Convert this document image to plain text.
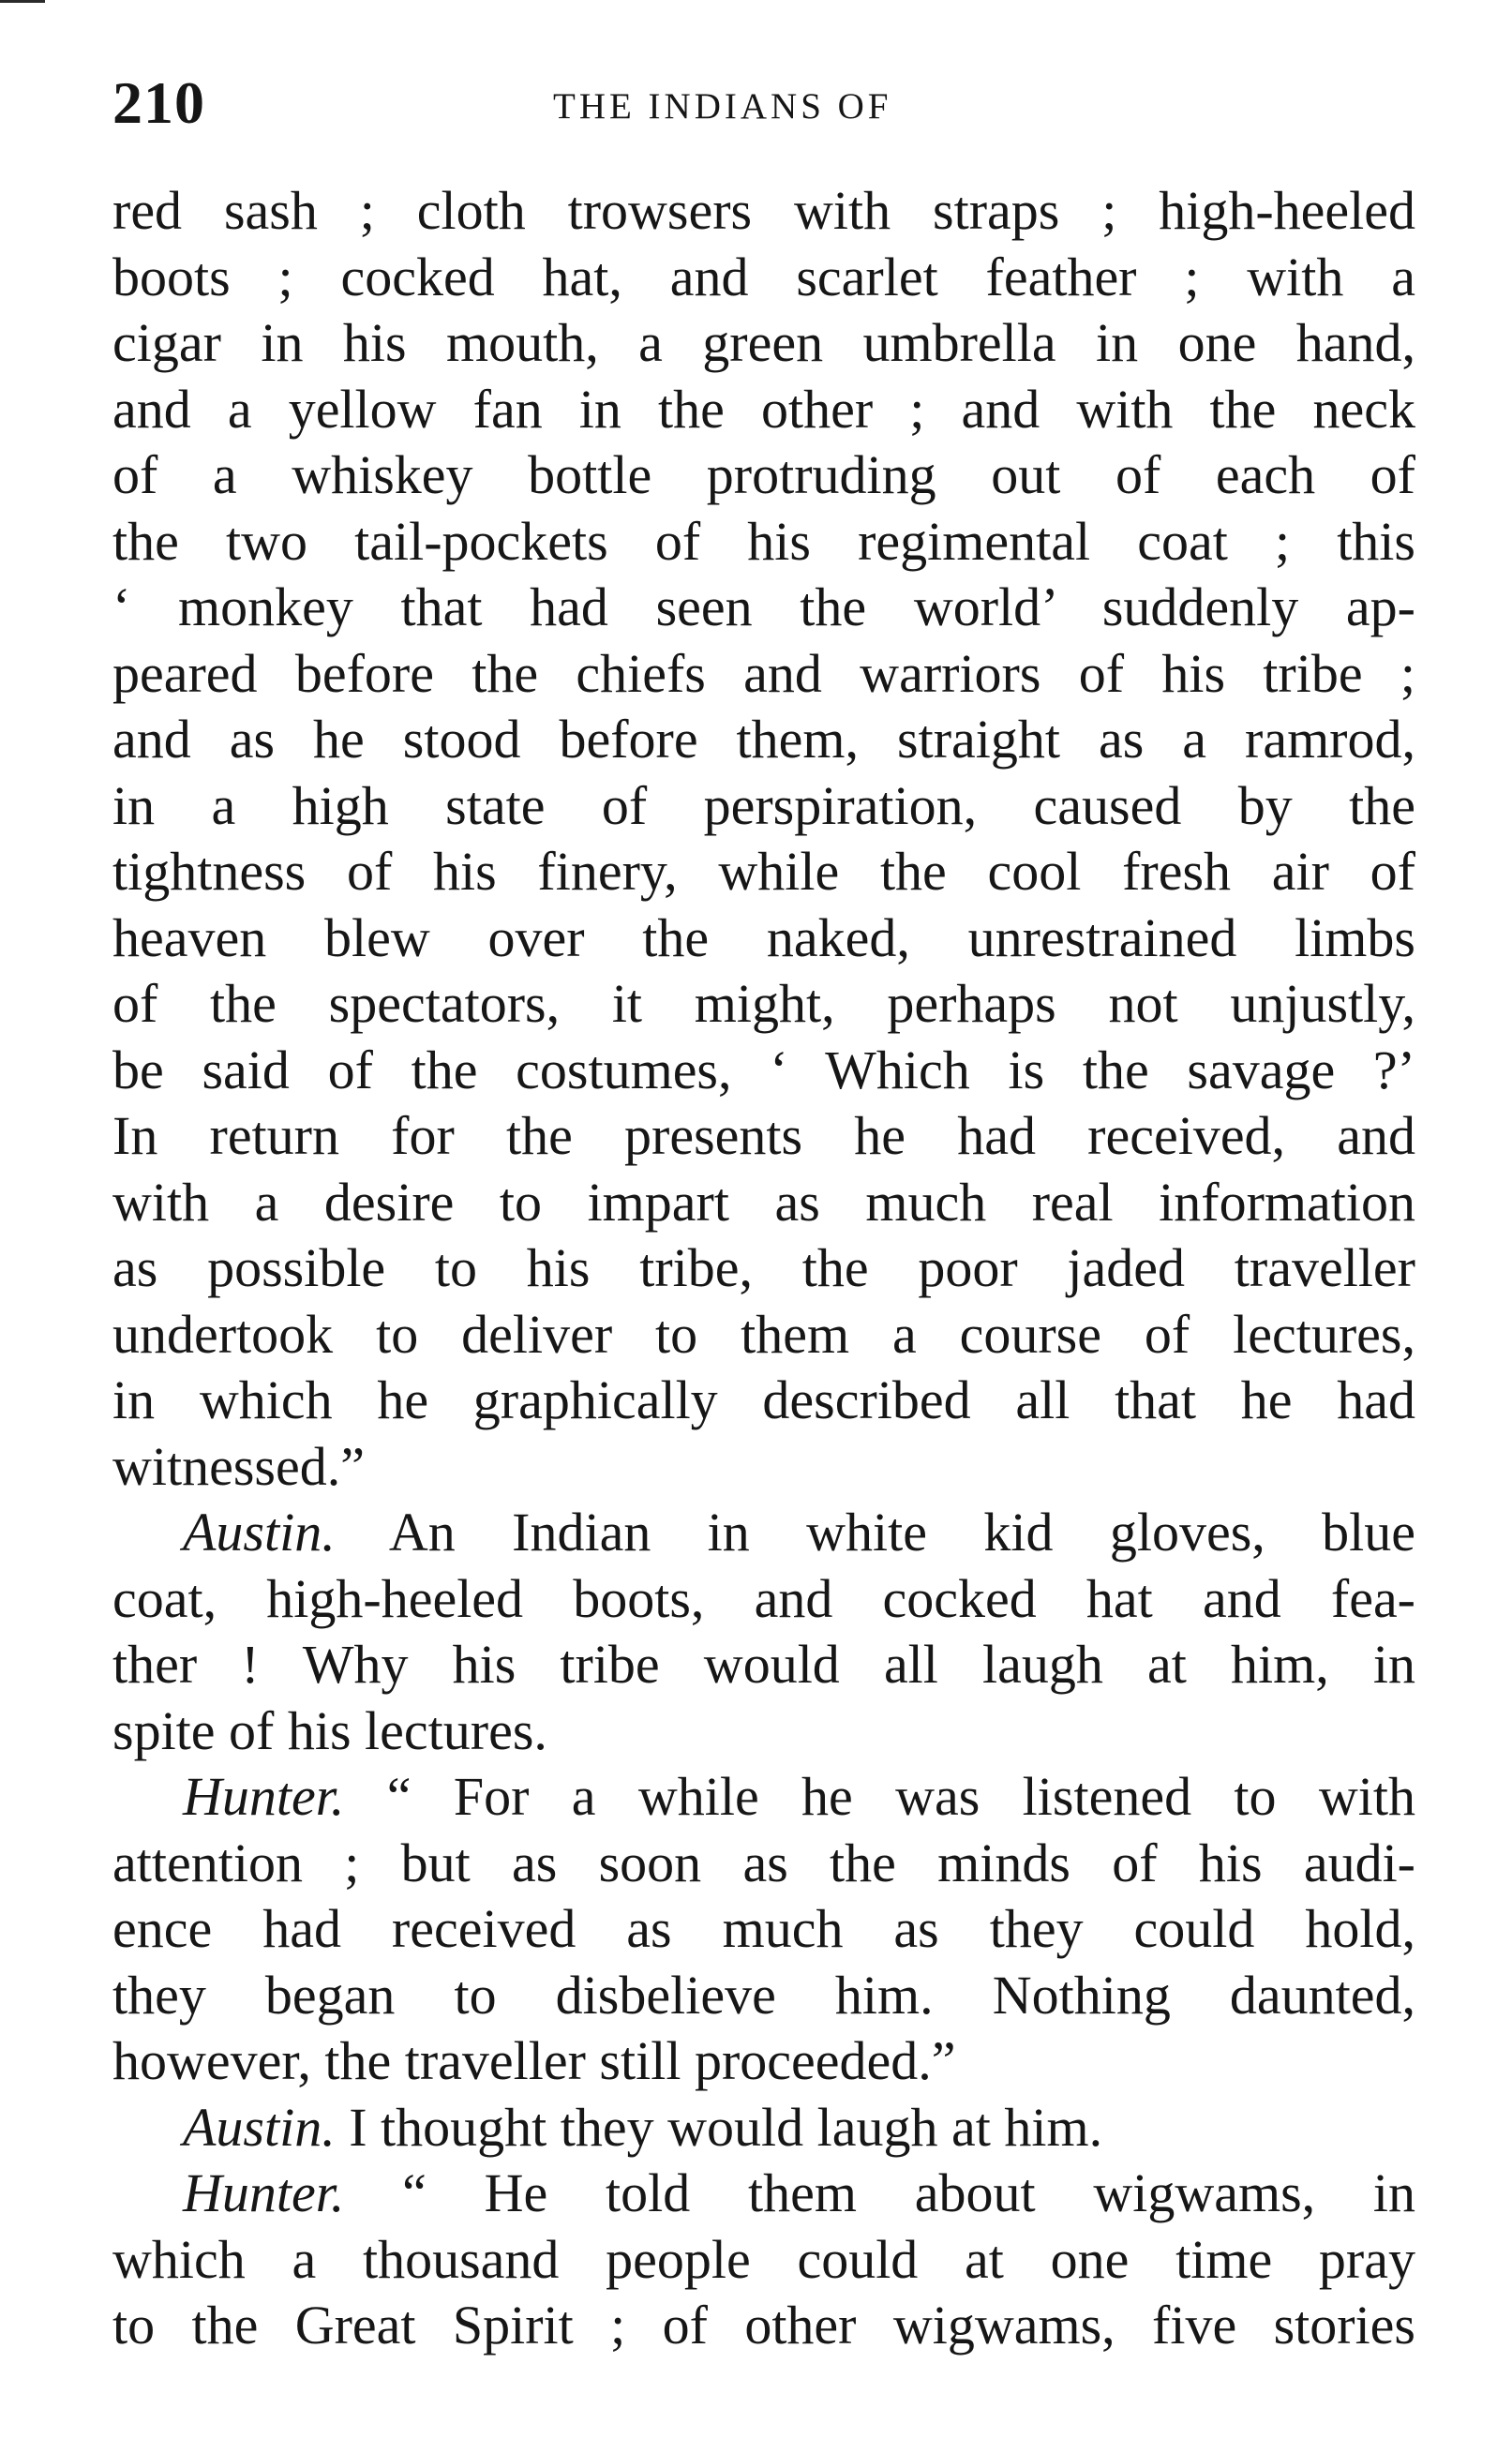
210	THE INDIANS OF
red sash ; cloth trowsers with straps ; high-heeled
boots ; cocked hat, and scarlet feather ; with a
cigar in his mouth, a green umbrella in one hand,
and a yellow fan in the other ; and with the neck
of a whiskey bottle protruding out of each of
the two tail-pockets of his regimental coat ; this
‘ monkey that had seen the world’ suddenly ap-
peared before the chiefs and warriors of his tribe ;
and as he stood before them, straight as a ramrod,
in a high state of perspiration, caused by the
tightness of his finery, while the cool fresh air of
heaven blew over the naked, unrestrained limbs
of the spectators, it might, perhaps not unjustly,
be said of the costumes, ‘ Which is the savage ?’
In return for the presents he had received, and
with a desire to impart as much real information
as possible to his tribe, the poor jaded traveller
undertook to deliver to them a course of lectures,
in which he graphically described all that he had
witnessed.”
Austin. An Indian in white kid gloves, blue
coat, high-heeled boots, and cocked hat and fea-
ther ! Why his tribe would all laugh at him, in
spite of his lectures.
Hunter. “ For a while he was listened to with
attention ; but as soon as the minds of his audi-
ence had received as much as they could hold,
they began to disbelieve him. Nothing daunted,
however, the traveller still proceeded.”
Austin. I thought they would laugh at him.
Hunter. “ He told them about wigwams, in
which a thousand people could at one time pray
to the Great Spirit ; of other wigwams, five stories
